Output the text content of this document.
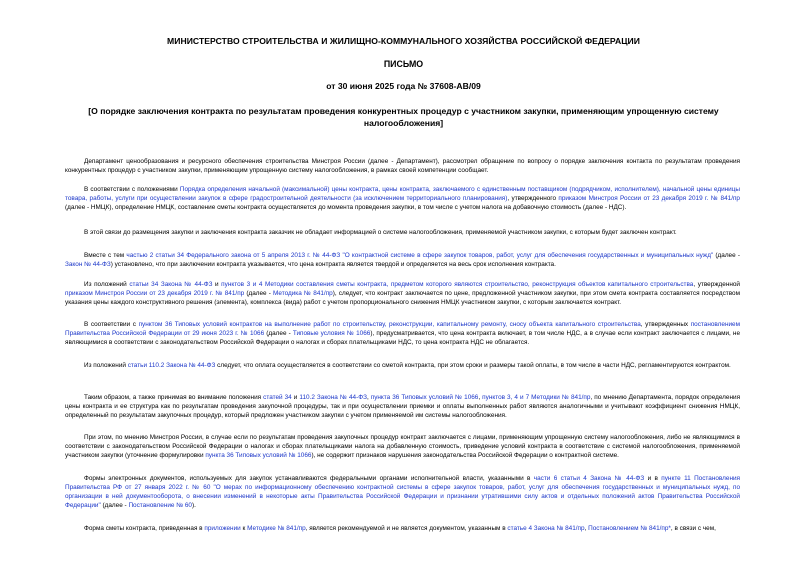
МИНИСТЕРСТВО СТРОИТЕЛЬСТВА И ЖИЛИЩНО-КОММУНАЛЬНОГО ХОЗЯЙСТВА РОССИЙСКОЙ ФЕДЕРАЦИИ
ПИСЬМО
от 30 июня 2025 года № 37608-АВ/09
[О порядке заключения контракта по результатам проведения конкурентных процедур с участником закупки, применяющим упрощенную систему налогообложения]
Департамент ценообразования и ресурсного обеспечения строительства Минстроя России (далее - Департамент), рассмотрел обращение по вопросу о порядке заключения контакта по результатам проведения конкурентных процедур с участником закупки, применяющим упрощенную систему налогообложения, в рамках своей компетенции сообщает.
В соответствии с положениями Порядка определения начальной (максимальной) цены контракта, цены контракта, заключаемого с единственным поставщиком (подрядчиком, исполнителем), начальной цены единицы товара, работы, услуги при осуществлении закупок в сфере градостроительной деятельности (за исключением территориального планирования), утвержденного приказом Минстроя России от 23 декабря 2019 г. № 841/пр (далее - НМЦК), определение НМЦК, составление сметы контракта осуществляется до момента проведения закупки, в том числе с учетом налога на добавочную стоимость (далее - НДС).
В этой связи до размещения закупки и заключения контракта заказчик не обладает информацией о системе налогообложения, применяемой участником закупки, с которым будет заключен контракт.
Вместе с тем частью 2 статьи 34 Федерального закона от 5 апреля 2013 г. № 44-ФЗ "О контрактной системе в сфере закупок товаров, работ, услуг для обеспечения государственных и муниципальных нужд" (далее - Закон № 44-ФЗ) установлено, что при заключении контракта указывается, что цена контракта является твердой и определяется на весь срок исполнения контракта.
Из положений статьи 34 Закона № 44-ФЗ и пунктов 3 и 4 Методики составления сметы контракта, предметом которого являются строительство, реконструкция объектов капитального строительства, утвержденной приказом Минстроя России от 23 декабря 2019 г. № 841/пр (далее - Методика № 841/пр), следует, что контракт заключается по цене, предложенной участником закупки, при этом смета контракта составляется посредством указания цены каждого конструктивного решения (элемента), комплекса (вида) работ с учетом пропорционального снижения НМЦК участником закупки, с которым заключается контракт.
В соответствии с пунктом 36 Типовых условий контрактов на выполнение работ по строительству, реконструкции, капитальному ремонту, сносу объекта капитального строительства, утвержденных постановлением Правительства Российской Федерации от 29 июня 2023 г. № 1066 (далее - Типовые условия № 1066), предусматривается, что цена контракта включает, в том числе НДС, а в случае если контракт заключается с лицами, не являющимися в соответствии с законодательством Российской Федерации о налогах и сборах плательщиками НДС, то цена контракта НДС не облагается.
Из положений статьи 110.2 Закона № 44-ФЗ следует, что оплата осуществляется в соответствии со сметой контракта, при этом сроки и размеры такой оплаты, в том числе в части НДС, регламентируются контрактом.
Таким образом, а также принимая во внимание положения статей 34 и 110.2 Закона № 44-ФЗ, пункта 36 Типовых условий № 1066, пунктов 3, 4 и 7 Методики № 841/пр, по мнению Департамента, порядок определения цены контракта и ее структура как по результатам проведения закупочной процедуры, так и при осуществлении приемки и оплаты выполненных работ являются аналогичными и учитывают коэффициент снижения НМЦК, определенный по результатам закупочных процедур, который предложен участником закупки с учетом применяемой им системы налогообложения.
При этом, по мнению Минстроя России, в случае если по результатам проведения закупочных процедур контракт заключается с лицами, применяющим упрощенную систему налогообложения, либо не являющимися в соответствии с законодательством Российской Федерации о налогах и сборах плательщиками налога на добавленную стоимость, приведение условий контракта в соответствие с системой налогообложения, применяемой участником закупки (уточнение формулировки пункта 36 Типовых условий № 1066), не содержит признаков нарушения законодательства Российской Федерации о контрактной системе.
Формы электронных документов, используемых для закупок устанавливаются федеральными органами исполнительной власти, указанными в части 6 статьи 4 Закона № 44-ФЗ и в пункте 11 Постановления Правительства РФ от 27 января 2022 г. № 60 "О мерах по информационному обеспечению контрактной системы в сфере закупок товаров, работ, услуг для обеспечения государственных и муниципальных нужд, по организации в ней документооборота, о внесении изменений в некоторые акты Правительства Российской Федерации и признании утратившими силу актов и отдельных положений актов Правительства Российской Федерации" (далее - Постановление № 60).
Форма сметы контракта, приведенная в приложении к Методике № 841/пр, является рекомендуемой и не является документом, указанным в статье 4 Закона № 841/пр, Постановлением № 841/пр*, в связи с чем,
